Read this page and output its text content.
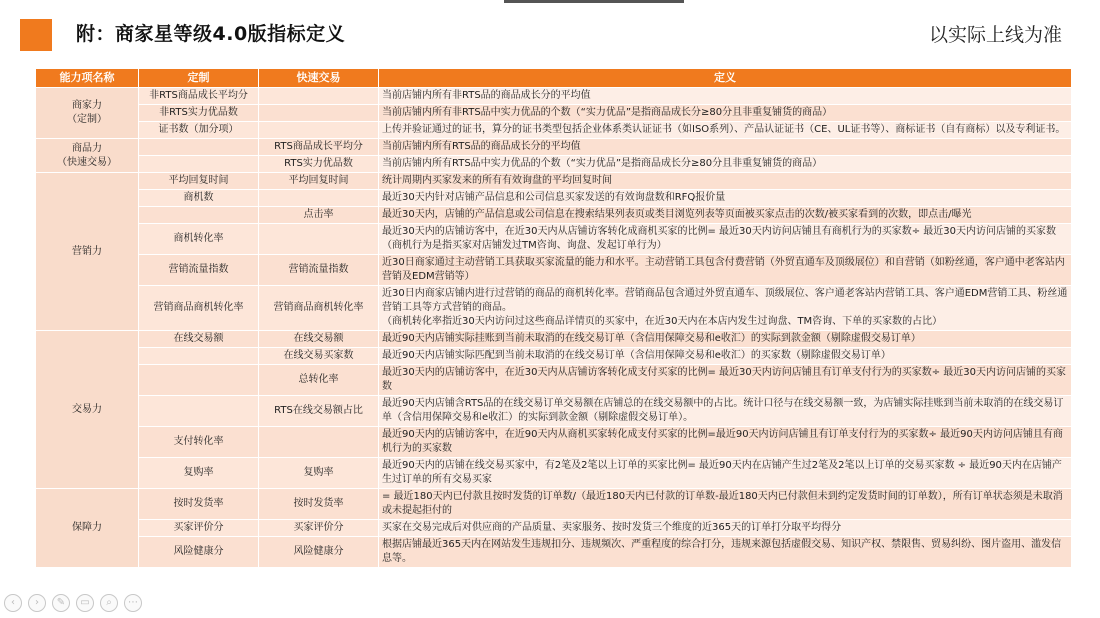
附：商家星等级4.0版指标定义	以实际上线为准
能力项名称	定制	快速交易	定义
商家力
（定制）	非RTS商品成长平均分		当前店铺内所有非RTS品的商品成长分的平均值
	非RTS实力优品数		当前店铺内所有非RTS品中实力优品的个数（“实力优品”是指商品成长分≥80分且非重复铺货的商品）
	证书数（加分项）		上传并验证通过的证书，算分的证书类型包括企业体系类认证证书（如ISO系列）、产品认证证书（CE、UL证书等）、商标证书（自有商标）以及专利证书。
商品力
（快速交易）		RTS商品成长平均分	当前店铺内所有RTS品的商品成长分的平均值
		RTS实力优品数	当前店铺内所有RTS品中实力优品的个数（“实力优品”是指商品成长分≥80分且非重复铺货的商品）
营销力	平均回复时间	平均回复时间	统计周期内买家发来的所有有效询盘的平均回复时间
	商机数		最近30天内针对店铺产品信息和公司信息买家发送的有效询盘数和RFQ报价量
		点击率	最近30天内，店铺的产品信息或公司信息在搜索结果列表页或类目浏览列表等页面被买家点击的次数/被买家看到的次数，即点击/曝光
	商机转化率		最近30天内的店铺访客中，在近30天内从店铺访客转化成商机买家的比例= 最近30天内访问店铺且有商机行为的买家数÷ 最近30天内访问店铺的买家数（商机行为是指买家对店铺发过TM咨询、询盘、发起订单行为）
	营销流量指数	营销流量指数	近30日商家通过主动营销工具获取买家流量的能力和水平。主动营销工具包含付费营销（外贸直通车及顶级展位）和自营销（如粉丝通，客户通中老客站内营销及EDM营销等）
	营销商品商机转化率	营销商品商机转化率	近30日内商家店铺内进行过营销的商品的商机转化率。营销商品包含通过外贸直通车、顶级展位、客户通老客站内营销工具、客户通EDM营销工具、粉丝通营销工具等方式营销的商品。
（商机转化率指近30天内访问过这些商品详情页的买家中，在近30天内在本店内发生过询盘、TM咨询、下单的买家数的占比）
交易力	在线交易额	在线交易额	最近90天内店铺实际挂账到当前未取消的在线交易订单（含信用保障交易和e收汇）的实际到款金额（剔除虚假交易订单）
		在线交易买家数	最近90天内店铺实际匹配到当前未取消的在线交易订单（含信用保障交易和e收汇）的买家数（剔除虚假交易订单）
		总转化率	最近30天内的店铺访客中，在近30天内从店铺访客转化成支付买家的比例= 最近30天内访问店铺且有订单支付行为的买家数÷ 最近30天内访问店铺的买家数
		RTS在线交易额占比	最近90天内店铺含RTS品的在线交易订单交易额在店铺总的在线交易额中的占比。统计口径与在线交易额一致，为店铺实际挂账到当前未取消的在线交易订单（含信用保障交易和e收汇）的实际到款金额（剔除虚假交易订单）。
	支付转化率		最近90天内的店铺访客中，在近90天内从商机买家转化成支付买家的比例=最近90天内访问店铺且有订单支付行为的买家数÷ 最近90天内访问店铺且有商机行为的买家数
	复购率	复购率	最近90天内的店铺在线交易买家中，有2笔及2笔以上订单的买家比例= 最近90天内在店铺产生过2笔及2笔以上订单的交易买家数 ÷ 最近90天内在店铺产生过订单的所有交易买家
保障力	按时发货率	按时发货率	= 最近180天内已付款且按时发货的订单数/（最近180天内已付款的订单数-最近180天内已付款但未到约定发货时间的订单数），所有订单状态须是未取消或未提起拒付的
	买家评价分	买家评价分	买家在交易完成后对供应商的产品质量、卖家服务、按时发货三个维度的近365天的订单打分取平均得分
	风险健康分	风险健康分	根据店铺最近365天内在网站发生违规扣分、违规频次、严重程度的综合打分，违规来源包括虚假交易、知识产权、禁限售、贸易纠纷、图片盗用、滥发信息等。
‹	›	✎	▭	⌕	⋯
